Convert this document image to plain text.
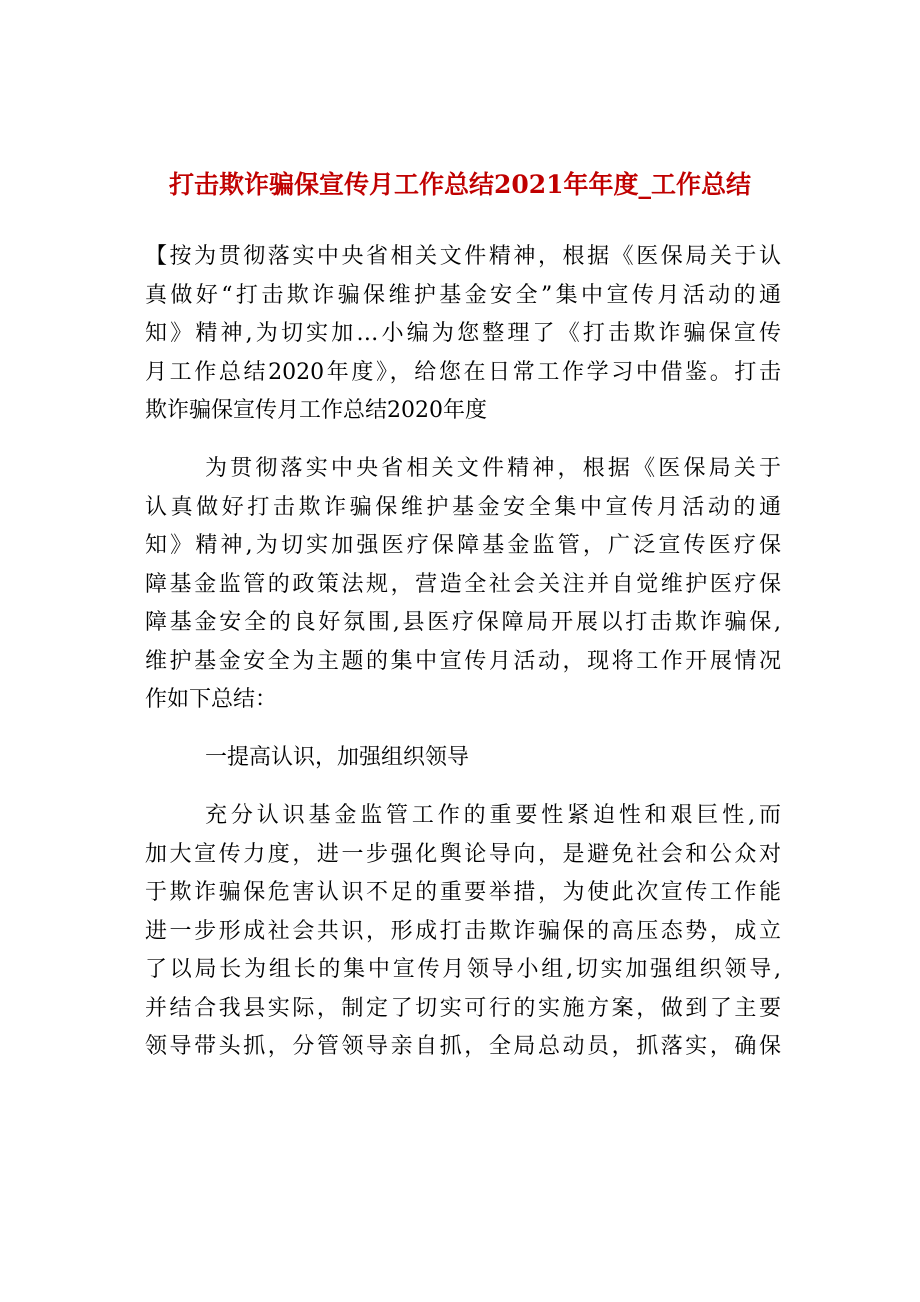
打击欺诈骗保宣传月工作总结2021年年度_工作总结
【按为贯彻落实中央省相关文件精神，根据《医保局关于认
真做好“打击欺诈骗保维护基金安全”集中宣传月活动的通
知》精神,为切实加…小编为您整理了《打击欺诈骗保宣传
月工作总结2020年度》，给您在日常工作学习中借鉴。打击
欺诈骗保宣传月工作总结2020年度
为贯彻落实中央省相关文件精神，根据《医保局关于
认真做好打击欺诈骗保维护基金安全集中宣传月活动的通
知》精神,为切实加强医疗保障基金监管，广泛宣传医疗保
障基金监管的政策法规，营造全社会关注并自觉维护医疗保
障基金安全的良好氛围,县医疗保障局开展以打击欺诈骗保,
维护基金安全为主题的集中宣传月活动，现将工作开展情况
作如下总结：
一提高认识，加强组织领导
充分认识基金监管工作的重要性紧迫性和艰巨性,而
加大宣传力度，进一步强化舆论导向，是避免社会和公众对
于欺诈骗保危害认识不足的重要举措，为使此次宣传工作能
进一步形成社会共识，形成打击欺诈骗保的高压态势，成立
了以局长为组长的集中宣传月领导小组,切实加强组织领导,
并结合我县实际，制定了切实可行的实施方案，做到了主要
领导带头抓，分管领导亲自抓，全局总动员，抓落实，确保
